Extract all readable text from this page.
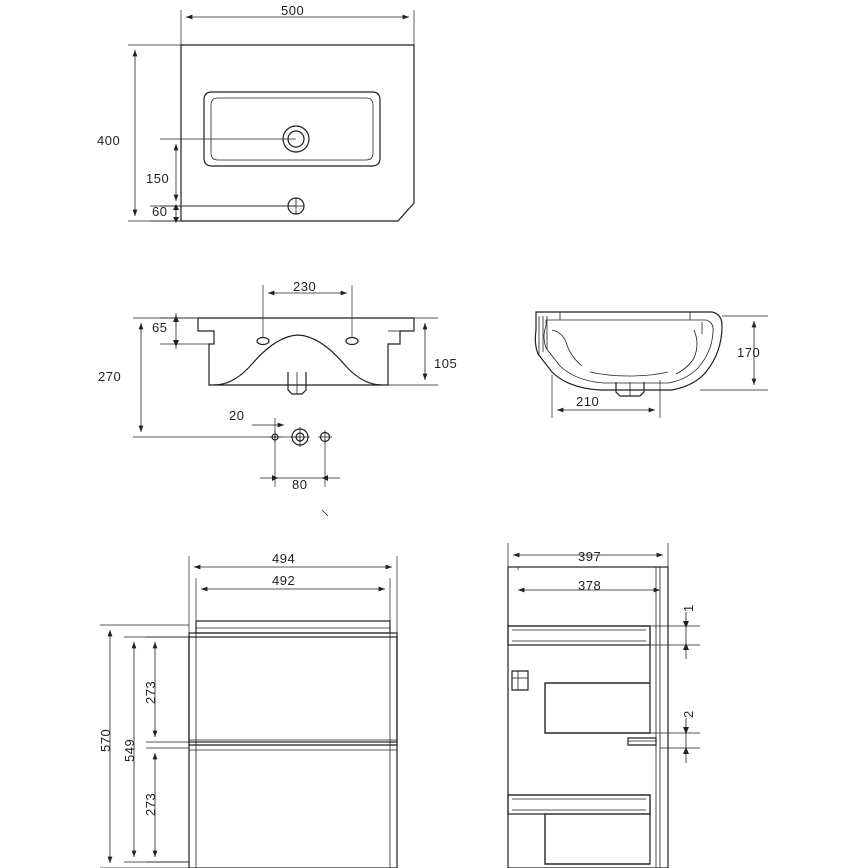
500
400
150
60
230
65
270
105
20
80
170
210
494
492
570 549
273
273
397
378
1
2
